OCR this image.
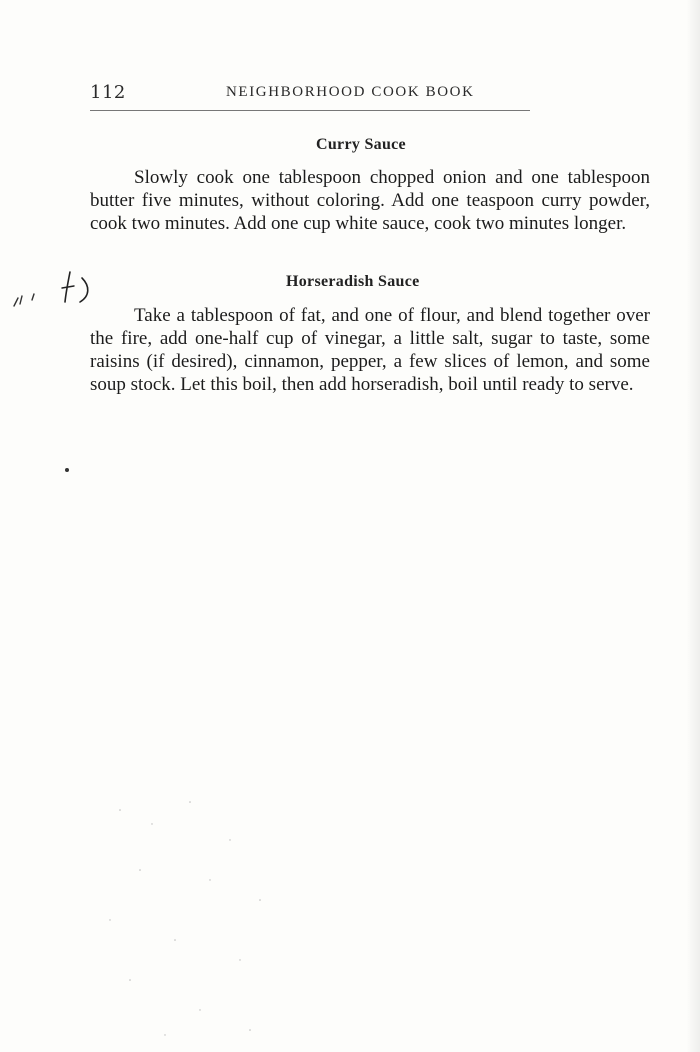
112	NEIGHBORHOOD COOK BOOK
Curry Sauce

Slowly cook one tablespoon chopped onion and one tablespoon butter five minutes, without coloring. Add one teaspoon curry powder, cook two minutes. Add one cup white sauce, cook two minutes longer.

Horseradish Sauce

Take a tablespoon of fat, and one of flour, and blend together over the fire, add one-half cup of vinegar, a little salt, sugar to taste, some raisins (if desired), cinnamon, pepper, a few slices of lemon, and some soup stock. Let this boil, then add horseradish, boil until ready to serve.
